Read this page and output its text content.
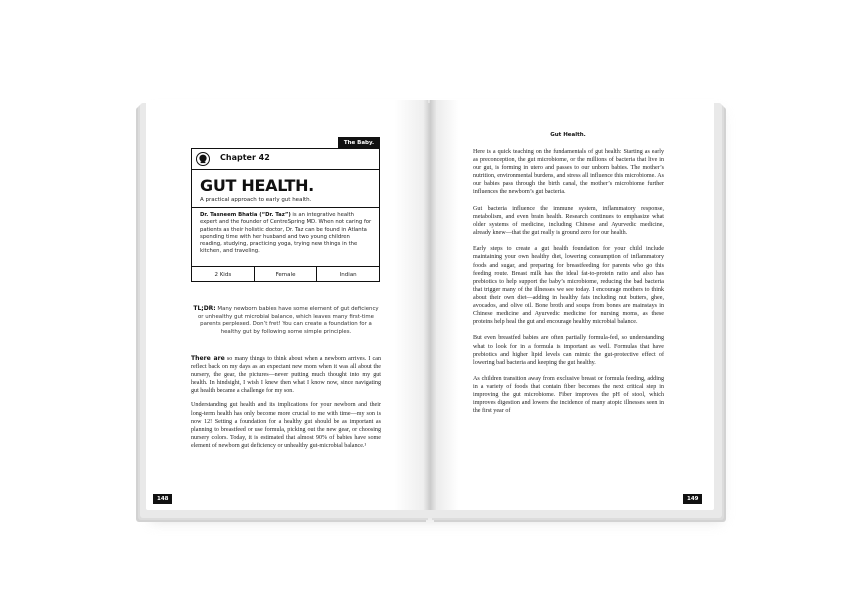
The Baby.
Chapter 42
GUT HEALTH.
A practical approach to early gut health.
Dr. Tasneem Bhatia (“Dr. Taz”) is an integrative health expert and the founder of CentreSpring MD. When not caring for patients as their holistic doctor, Dr. Taz can be found in Atlanta spending time with her husband and two young children reading, studying, practicing yoga, trying new things in the kitchen, and traveling.
2 Kids	Female	Indian
TL;DR: Many newborn babies have some element of gut deficiency or unhealthy gut microbial balance, which leaves many first-time parents perplexed. Don’t fret! You can create a foundation for a healthy gut by following some simple principles.

There are so many things to think about when a newborn arrives. I can reflect back on my days as an expectant new mom when it was all about the nursery, the gear, the pictures—never putting much thought into my gut health. In hindsight, I wish I knew then what I know now, since navigating gut health became a challenge for my son.

Understanding gut health and its implications for your newborn and their long-term health has only become more crucial to me with time—my son is now 12! Setting a foundation for a healthy gut should be as important as planning to breastfeed or use formula, picking out the new gear, or choosing nursery colors. Today, it is estimated that almost 90% of babies have some element of newborn gut deficiency or unhealthy gut-microbial balance.¹

148
Gut Health.

Here is a quick teaching on the fundamentals of gut health: Starting as early as preconception, the gut microbiome, or the millions of bacteria that live in our gut, is forming in utero and passes to our unborn babies. The mother’s nutrition, environmental burdens, and stress all influence this microbiome. As our babies pass through the birth canal, the mother’s microbiome further influences the newborn’s gut bacteria.

Gut bacteria influence the immune system, inflammatory response, metabolism, and even brain health. Research continues to emphasize what older systems of medicine, including Chinese and Ayurvedic medicine, already knew—that the gut really is ground zero for our health.

Early steps to create a gut health foundation for your child include maintaining your own healthy diet, lowering consumption of inflammatory foods and sugar, and preparing for breastfeeding for parents who go this feeding route. Breast milk has the ideal fat-to-protein ratio and also has prebiotics to help support the baby’s microbiome, reducing the bad bacteria that trigger many of the illnesses we see today. I encourage mothers to think about their own diet—adding in healthy fats including nut butters, ghee, avocados, and olive oil. Bone broth and soups from bones are mainstays in Chinese medicine and Ayurvedic medicine for nursing moms, as these proteins help heal the gut and encourage healthy microbial balance.

But even breastfed babies are often partially formula-fed, so understanding what to look for in a formula is important as well. Formulas that have prebiotics and higher lipid levels can mimic the gut-protective effect of lowering bad bacteria and keeping the gut healthy.

As children transition away from exclusive breast or formula feeding, adding in a variety of foods that contain fiber becomes the next critical step in improving the gut microbiome. Fiber improves the pH of stool, which improves digestion and lowers the incidence of many atopic illnesses seen in the first year of

149
